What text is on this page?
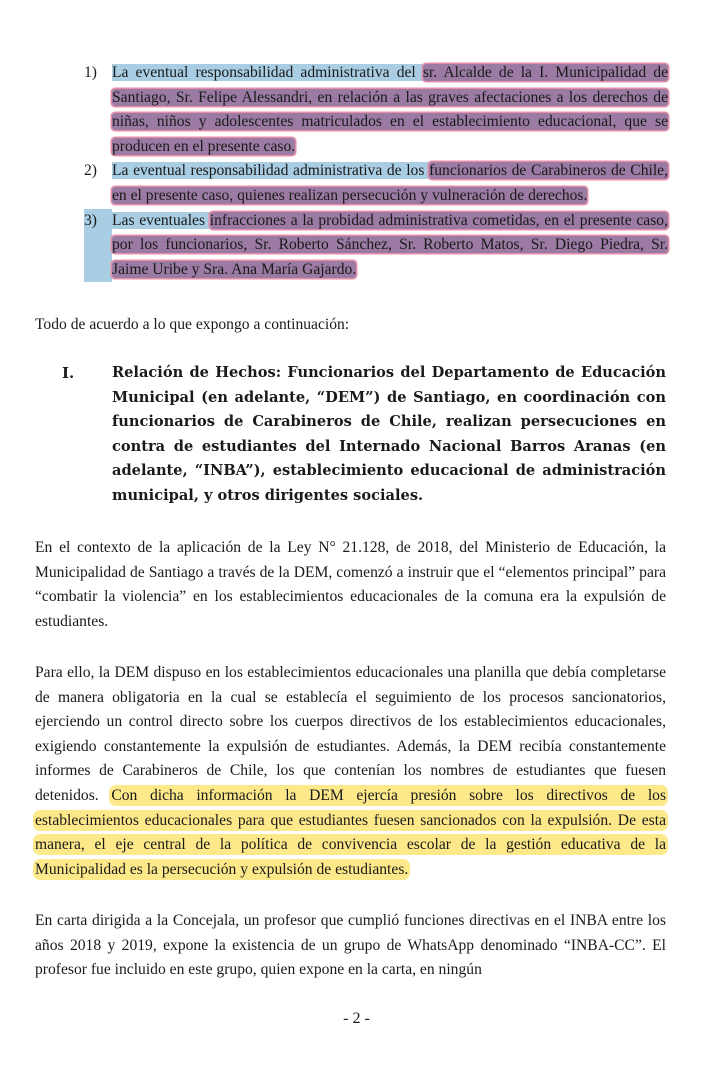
1) La eventual responsabilidad administrativa del sr. Alcalde de la I. Municipalidad de Santiago, Sr. Felipe Alessandri, en relación a las graves afectaciones a los derechos de niñas, niños y adolescentes matriculados en el establecimiento educacional, que se producen en el presente caso.
2) La eventual responsabilidad administrativa de los funcionarios de Carabineros de Chile, en el presente caso, quienes realizan persecución y vulneración de derechos.
3) Las eventuales infracciones a la probidad administrativa cometidas, en el presente caso, por los funcionarios, Sr. Roberto Sánchez, Sr. Roberto Matos, Sr. Diego Piedra, Sr. Jaime Uribe y Sra. Ana María Gajardo.

Todo de acuerdo a lo que expongo a continuación:

I.	Relación de Hechos: Funcionarios del Departamento de Educación Municipal (en adelante, “DEM”) de Santiago, en coordinación con funcionarios de Carabineros de Chile, realizan persecuciones en contra de estudiantes del Internado Nacional Barros Aranas (en adelante, “INBA”), establecimiento educacional de administración municipal, y otros dirigentes sociales.

En el contexto de la aplicación de la Ley N° 21.128, de 2018, del Ministerio de Educación, la Municipalidad de Santiago a través de la DEM, comenzó a instruir que el “elementos principal” para “combatir la violencia” en los establecimientos educacionales de la comuna era la expulsión de estudiantes.

Para ello, la DEM dispuso en los establecimientos educacionales una planilla que debía completarse de manera obligatoria en la cual se establecía el seguimiento de los procesos sancionatorios, ejerciendo un control directo sobre los cuerpos directivos de los establecimientos educacionales, exigiendo constantemente la expulsión de estudiantes. Además, la DEM recibía constantemente informes de Carabineros de Chile, los que contenían los nombres de estudiantes que fuesen detenidos. Con dicha información la DEM ejercía presión sobre los directivos de los establecimientos educacionales para que estudiantes fuesen sancionados con la expulsión. De esta manera, el eje central de la política de convivencia escolar de la gestión educativa de la Municipalidad es la persecución y expulsión de estudiantes.

En carta dirigida a la Concejala, un profesor que cumplió funciones directivas en el INBA entre los años 2018 y 2019, expone la existencia de un grupo de WhatsApp denominado “INBA-CC”. El profesor fue incluido en este grupo, quien expone en la carta, en ningún

- 2 -
